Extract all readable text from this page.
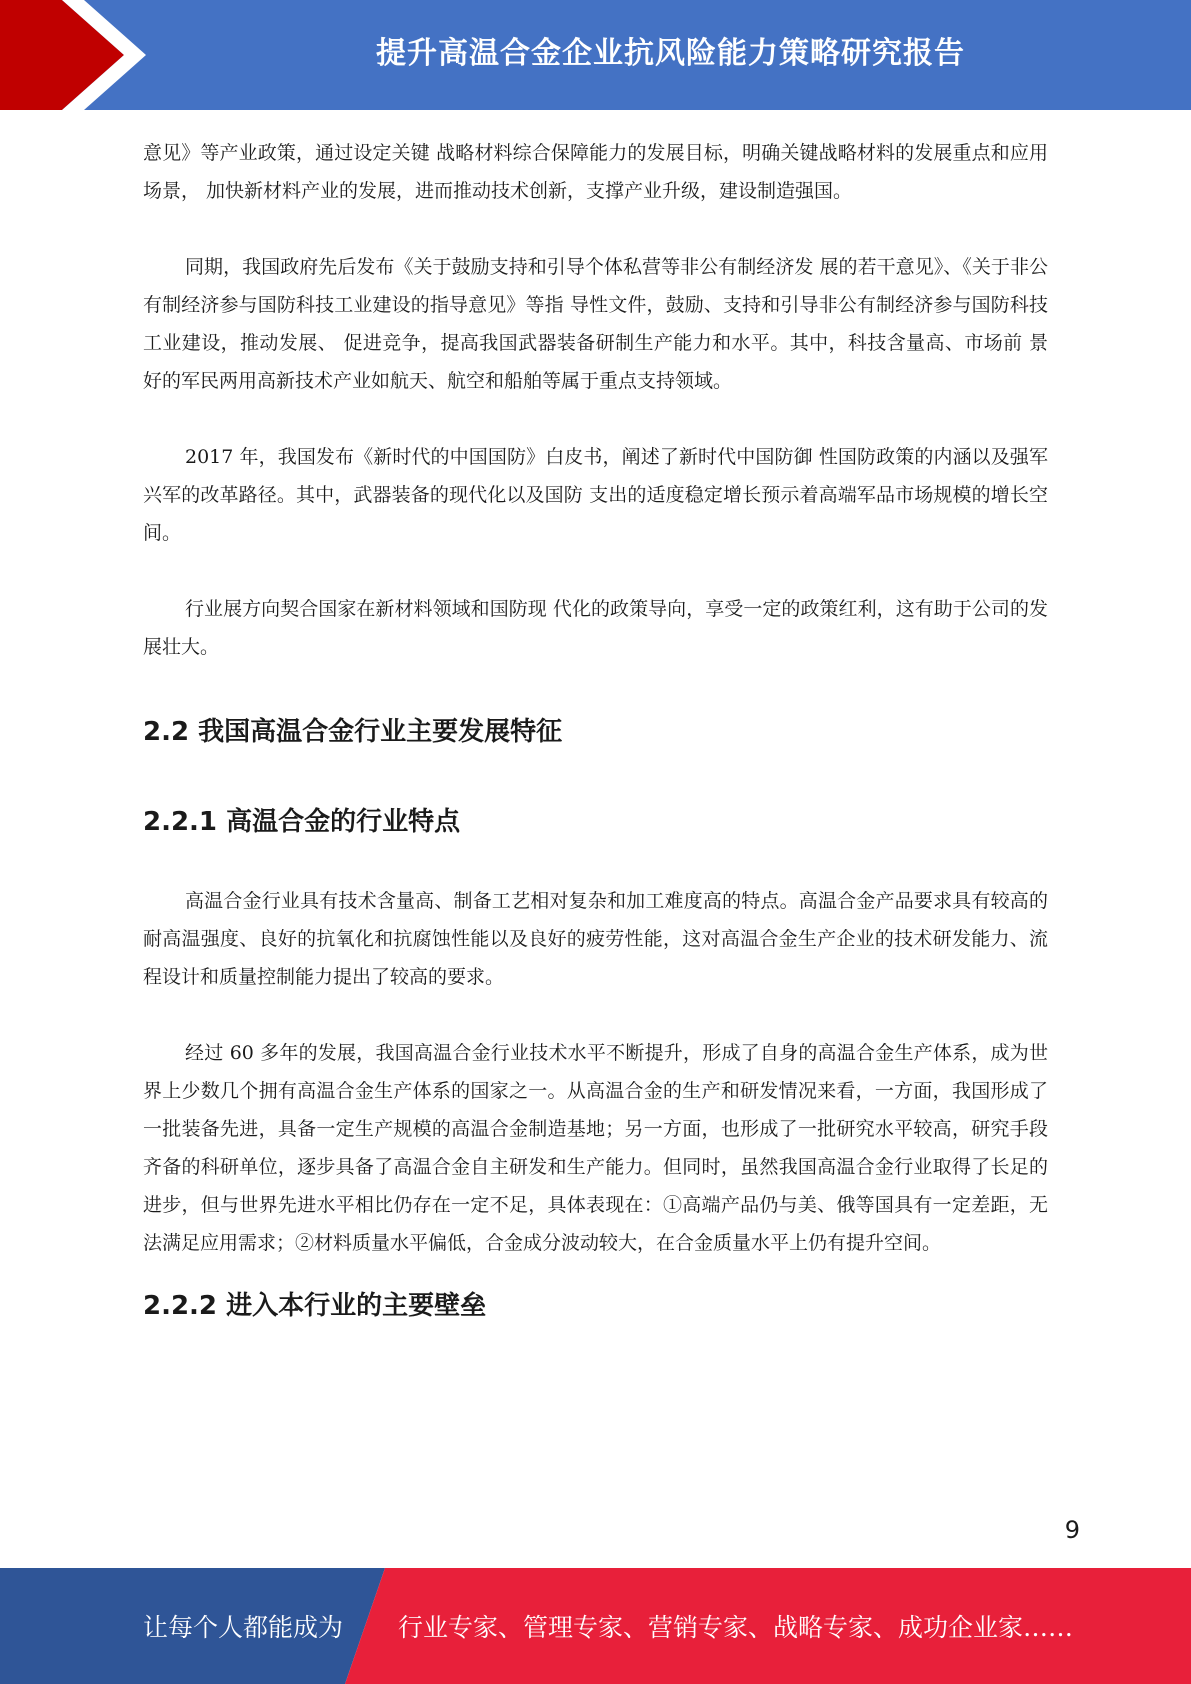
提升高温合金企业抗风险能力策略研究报告

意见》等产业政策，通过设定关键 战略材料综合保障能力的发展目标，明确关键战略材料的发展重点和应用场景， 加快新材料产业的发展，进而推动技术创新，支撑产业升级，建设制造强国。

同期，我国政府先后发布《关于鼓励支持和引导个体私营等非公有制经济发 展的若干意见》、《关于非公有制经济参与国防科技工业建设的指导意见》等指 导性文件，鼓励、支持和引导非公有制经济参与国防科技工业建设，推动发展、 促进竞争，提高我国武器装备研制生产能力和水平。其中，科技含量高、市场前 景好的军民两用高新技术产业如航天、航空和船舶等属于重点支持领域。

2017 年，我国发布《新时代的中国国防》白皮书，阐述了新时代中国防御 性国防政策的内涵以及强军兴军的改革路径。其中，武器装备的现代化以及国防 支出的适度稳定增长预示着高端军品市场规模的增长空间。

行业展方向契合国家在新材料领域和国防现 代化的政策导向，享受一定的政策红利，这有助于公司的发展壮大。

2.2 我国高温合金行业主要发展特征
2.2.1 高温合金的行业特点

高温合金行业具有技术含量高、制备工艺相对复杂和加工难度高的特点。高温合金产品要求具有较高的耐高温强度、良好的抗氧化和抗腐蚀性能以及良好的疲劳性能，这对高温合金生产企业的技术研发能力、流程设计和质量控制能力提出了较高的要求。

经过 60 多年的发展，我国高温合金行业技术水平不断提升，形成了自身的高温合金生产体系，成为世界上少数几个拥有高温合金生产体系的国家之一。从高温合金的生产和研发情况来看，一方面，我国形成了一批装备先进，具备一定生产规模的高温合金制造基地；另一方面，也形成了一批研究水平较高，研究手段齐备的科研单位，逐步具备了高温合金自主研发和生产能力。但同时，虽然我国高温合金行业取得了长足的进步，但与世界先进水平相比仍存在一定不足，具体表现在：①高端产品仍与美、俄等国具有一定差距，无法满足应用需求；②材料质量水平偏低，合金成分波动较大，在合金质量水平上仍有提升空间。

2.2.2 进入本行业的主要壁垒
9
让每个人都能成为 行业专家、管理专家、营销专家、战略专家、成功企业家……
